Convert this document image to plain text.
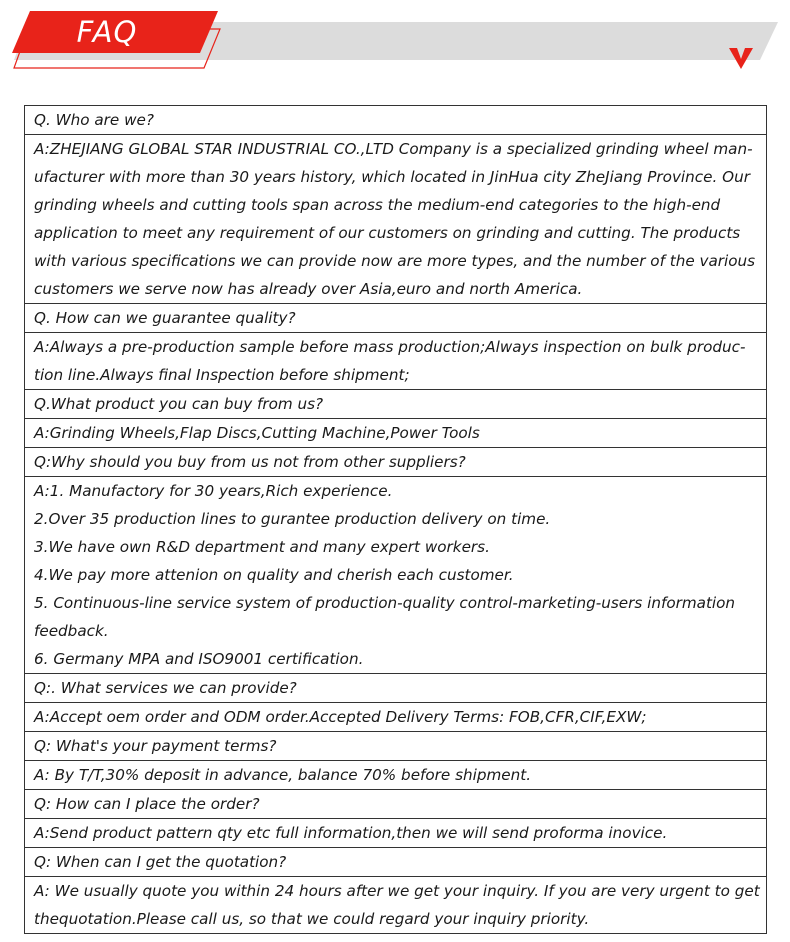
FAQ
Q. Who are we?
A:ZHEJIANG GLOBAL STAR INDUSTRIAL CO.,LTD Company is a specialized grinding wheel man-
ufacturer with more than 30 years history, which located in JinHua city ZheJiang Province. Our
grinding wheels and cutting tools span across the medium-end categories to the high-end
application to meet any requirement of our customers on grinding and cutting. The products
with various specifications we can provide now are more types, and the number of the various
customers we serve now has already over Asia,euro and north America.
Q. How can we guarantee quality?
A:Always a pre-production sample before mass production;Always inspection on bulk produc-
tion line.Always final Inspection before shipment;
Q.What product you can buy from us?
A:Grinding Wheels,Flap Discs,Cutting Machine,Power Tools
Q:Why should you buy from us not from other suppliers?
A:1. Manufactory for 30 years,Rich experience.
2.Over 35 production lines to gurantee production delivery on time.
3.We have own R&D department and many expert workers.
4.We pay more attenion on quality and cherish each customer.
5. Continuous-line service system of production-quality control-marketing-users information
feedback.
6. Germany MPA and ISO9001 certification.
Q:. What services we can provide?
A:Accept oem order and ODM order.Accepted Delivery Terms: FOB,CFR,CIF,EXW;
Q: What's your payment terms?
A: By T/T,30% deposit in advance, balance 70% before shipment.
Q: How can I place the order?
A:Send product pattern qty etc full information,then we will send proforma inovice.
Q: When can I get the quotation?
A: We usually quote you within 24 hours after we get your inquiry. If you are very urgent to get
thequotation.Please call us, so that we could regard your inquiry priority.
